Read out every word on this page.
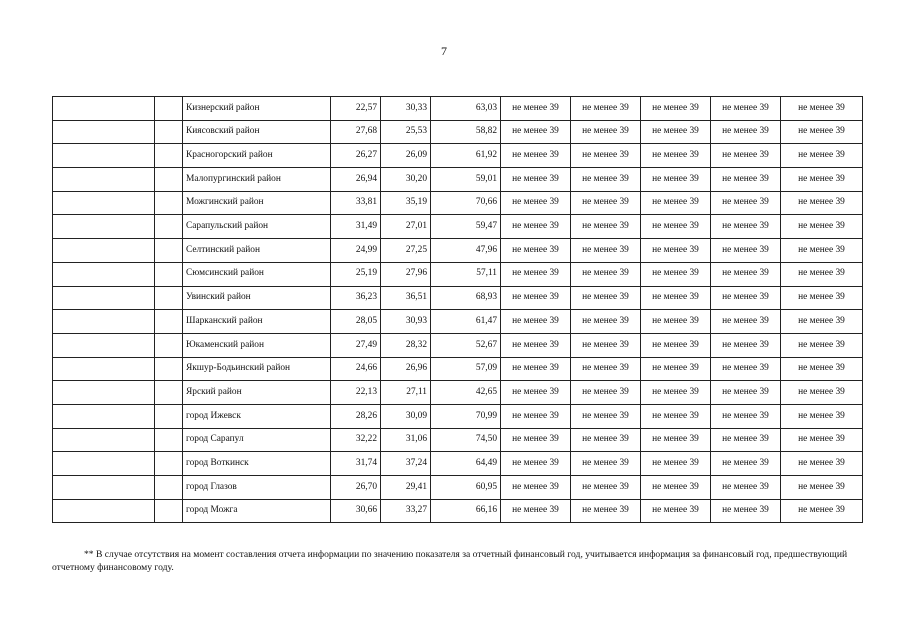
7
		Кизнерский район	22,57	30,33	63,03	не менее 39	не менее 39	не менее 39	не менее 39	не менее 39
		Киясовский район	27,68	25,53	58,82	не менее 39	не менее 39	не менее 39	не менее 39	не менее 39
		Красногорский район	26,27	26,09	61,92	не менее 39	не менее 39	не менее 39	не менее 39	не менее 39
		Малопургинский район	26,94	30,20	59,01	не менее 39	не менее 39	не менее 39	не менее 39	не менее 39
		Можгинский район	33,81	35,19	70,66	не менее 39	не менее 39	не менее 39	не менее 39	не менее 39
		Сарапульский район	31,49	27,01	59,47	не менее 39	не менее 39	не менее 39	не менее 39	не менее 39
		Селтинский район	24,99	27,25	47,96	не менее 39	не менее 39	не менее 39	не менее 39	не менее 39
		Сюмсинский район	25,19	27,96	57,11	не менее 39	не менее 39	не менее 39	не менее 39	не менее 39
		Увинский район	36,23	36,51	68,93	не менее 39	не менее 39	не менее 39	не менее 39	не менее 39
		Шарканский район	28,05	30,93	61,47	не менее 39	не менее 39	не менее 39	не менее 39	не менее 39
		Юкаменский район	27,49	28,32	52,67	не менее 39	не менее 39	не менее 39	не менее 39	не менее 39
		Якшур-Бодьинский район	24,66	26,96	57,09	не менее 39	не менее 39	не менее 39	не менее 39	не менее 39
		Ярский район	22,13	27,11	42,65	не менее 39	не менее 39	не менее 39	не менее 39	не менее 39
		город Ижевск	28,26	30,09	70,99	не менее 39	не менее 39	не менее 39	не менее 39	не менее 39
		город Сарапул	32,22	31,06	74,50	не менее 39	не менее 39	не менее 39	не менее 39	не менее 39
		город Воткинск	31,74	37,24	64,49	не менее 39	не менее 39	не менее 39	не менее 39	не менее 39
		город Глазов	26,70	29,41	60,95	не менее 39	не менее 39	не менее 39	не менее 39	не менее 39
		город Можга	30,66	33,27	66,16	не менее 39	не менее 39	не менее 39	не менее 39	не менее 39

** В случае отсутствия на момент составления отчета информации по значению показателя за отчетный финансовый год, учитывается информация за финансовый год, предшествующий отчетному финансовому году.
